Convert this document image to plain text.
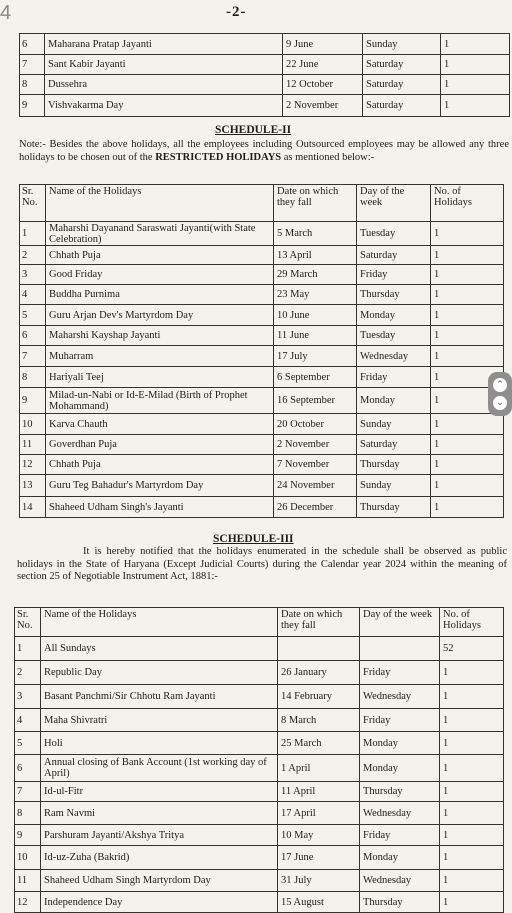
4	-2-
6	Maharana Pratap Jayanti	9 June	Sunday	1
7	Sant Kabir Jayanti	22 June	Saturday	1
8	Dussehra	12 October	Saturday	1
9	Vishvakarma Day	2 November	Saturday	1
SCHEDULE-II
Note:- Besides the above holidays, all the employees including Outsourced employees may be allowed any three holidays to be chosen out of the RESTRICTED HOLIDAYS as mentioned below:-
Sr. No.	Name of the Holidays	Date on which they fall	Day of the week	No. of Holidays
1	Maharshi Dayanand Saraswati Jayanti(with State Celebration)	5 March	Tuesday	1
2	Chhath Puja	13 April	Saturday	1
3	Good Friday	29 March	Friday	1
4	Buddha Purnima	23 May	Thursday	1
5	Guru Arjan Dev's Martyrdom Day	10 June	Monday	1
6	Maharshi Kayshap Jayanti	11 June	Tuesday	1
7	Muharram	17 July	Wednesday	1
8	Hariyali Teej	6 September	Friday	1
9	Milad-un-Nabi or Id-E-Milad (Birth of Prophet Mohammand)	16 September	Monday	1
10	Karva Chauth	20 October	Sunday	1
11	Goverdhan Puja	2 November	Saturday	1
12	Chhath Puja	7 November	Thursday	1
13	Guru Teg Bahadur's Martyrdom Day	24 November	Sunday	1
14	Shaheed Udham Singh's Jayanti	26 December	Thursday	1
SCHEDULE-III
It is hereby notified that the holidays enumerated in the schedule shall be observed as public holidays in the State of Haryana (Except Judicial Courts) during the Calendar year 2024 within the meaning of section 25 of Negotiable Instrument Act, 1881:-
Sr. No.	Name of the Holidays	Date on which they fall	Day of the week	No. of Holidays
1	All Sundays			52
2	Republic Day	26 January	Friday	1
3	Basant Panchmi/Sir Chhotu Ram Jayanti	14 February	Wednesday	1
4	Maha Shivratri	8 March	Friday	1
5	Holi	25 March	Monday	1
6	Annual closing of Bank Account (1st working day of April)	1 April	Monday	1
7	Id-ul-Fitr	11 April	Thursday	1
8	Ram Navmi	17 April	Wednesday	1
9	Parshuram Jayanti/Akshya Tritya	10 May	Friday	1
10	Id-uz-Zuha (Bakrid)	17 June	Monday	1
11	Shaheed Udham Singh Martyrdom Day	31 July	Wednesday	1
12	Independence Day	15 August	Thursday	1
⌃
⌄
